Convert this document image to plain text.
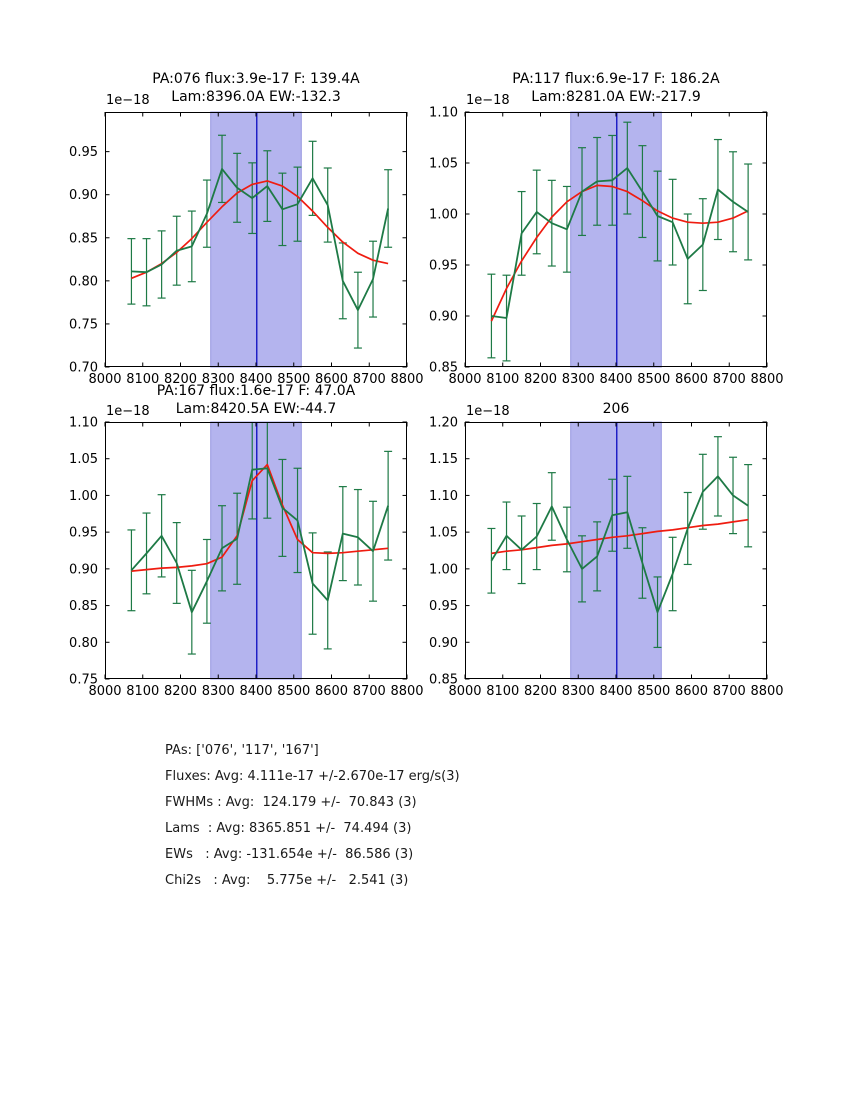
PA:076 flux:3.9e-17 F: 139.4A
Lam:8396.0A EW:-132.3
1e−18
8000 8100 8200 8300 8400 8500 8600 8700 8800
0.70
0.75
0.80
0.85
0.90
0.95
PA:117 flux:6.9e-17 F: 186.2A
Lam:8281.0A EW:-217.9
1e−18
8000 8100 8200 8300 8400 8500 8600 8700 8800
0.85
0.90
0.95
1.00
1.05
1.10
PA:167 flux:1.6e-17 F: 47.0A
Lam:8420.5A EW:-44.7
1e−18
8000 8100 8200 8300 8400 8500 8600 8700 8800
0.75
0.80
0.85
0.90
0.95
1.00
1.05
1.10
206
1e−18
8000 8100 8200 8300 8400 8500 8600 8700 8800
0.85
0.90
0.95
1.00
1.05
1.10
1.15
1.20
PAs: ['076', '117', '167']
Fluxes: Avg: 4.111e-17 +/-2.670e-17 erg/s(3)
FWHMs : Avg:  124.179 +/-  70.843 (3)
Lams  : Avg: 8365.851 +/-  74.494 (3)
EWs   : Avg: -131.654e +/-  86.586 (3)
Chi2s   : Avg:    5.775e +/-   2.541 (3)
